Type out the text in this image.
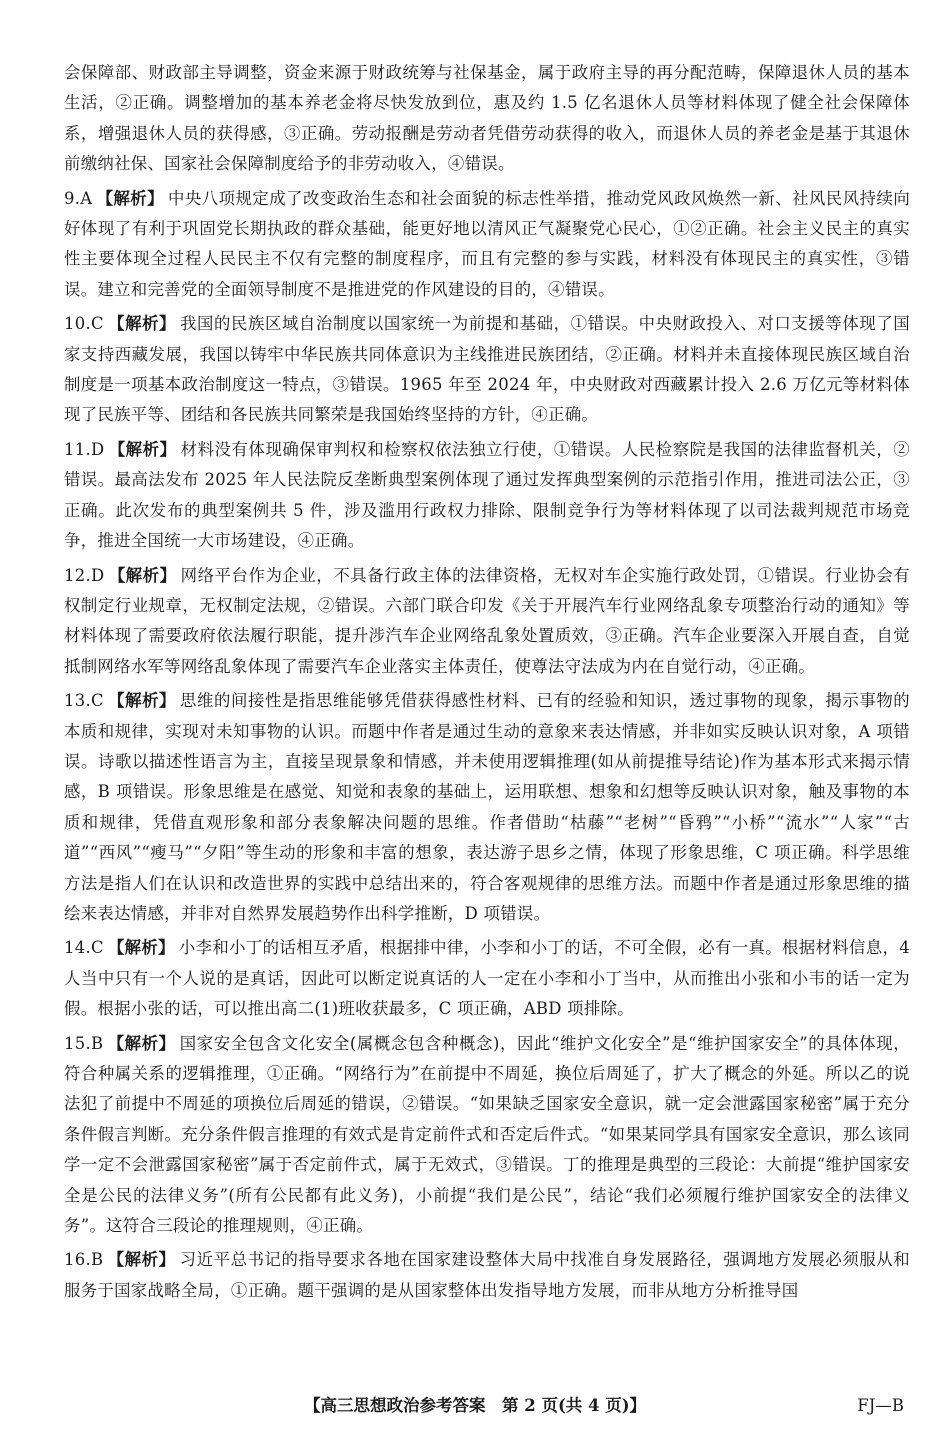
会保障部、财政部主导调整，资金来源于财政统筹与社保基金，属于政府主导的再分配范畴，保障退休人员的基本生活，②正确。调整增加的基本养老金将尽快发放到位，惠及约 1.5 亿名退休人员等材料体现了健全社会保障体系，增强退休人员的获得感，③正确。劳动报酬是劳动者凭借劳动获得的收入，而退休人员的养老金是基于其退休前缴纳社保、国家社会保障制度给予的非劳动收入，④错误。

9.A 【解析】 中央八项规定成了改变政治生态和社会面貌的标志性举措，推动党风政风焕然一新、社风民风持续向好体现了有利于巩固党长期执政的群众基础，能更好地以清风正气凝聚党心民心，①②正确。社会主义民主的真实性主要体现全过程人民民主不仅有完整的制度程序，而且有完整的参与实践，材料没有体现民主的真实性，③错误。建立和完善党的全面领导制度不是推进党的作风建设的目的，④错误。

10.C 【解析】 我国的民族区域自治制度以国家统一为前提和基础，①错误。中央财政投入、对口支援等体现了国家支持西藏发展，我国以铸牢中华民族共同体意识为主线推进民族团结，②正确。材料并未直接体现民族区域自治制度是一项基本政治制度这一特点，③错误。1965 年至 2024 年，中央财政对西藏累计投入 2.6 万亿元等材料体现了民族平等、团结和各民族共同繁荣是我国始终坚持的方针，④正确。

11.D 【解析】 材料没有体现确保审判权和检察权依法独立行使，①错误。人民检察院是我国的法律监督机关，②错误。最高法发布 2025 年人民法院反垄断典型案例体现了通过发挥典型案例的示范指引作用，推进司法公正，③正确。此次发布的典型案例共 5 件，涉及滥用行政权力排除、限制竞争行为等材料体现了以司法裁判规范市场竞争，推进全国统一大市场建设，④正确。

12.D 【解析】 网络平台作为企业，不具备行政主体的法律资格，无权对车企实施行政处罚，①错误。行业协会有权制定行业规章，无权制定法规，②错误。六部门联合印发《关于开展汽车行业网络乱象专项整治行动的通知》等材料体现了需要政府依法履行职能，提升涉汽车企业网络乱象处置质效，③正确。汽车企业要深入开展自查，自觉抵制网络水军等网络乱象体现了需要汽车企业落实主体责任，使尊法守法成为内在自觉行动，④正确。

13.C 【解析】 思维的间接性是指思维能够凭借获得感性材料、已有的经验和知识，透过事物的现象，揭示事物的本质和规律，实现对未知事物的认识。而题中作者是通过生动的意象来表达情感，并非如实反映认识对象，A 项错误。诗歌以描述性语言为主，直接呈现景象和情感，并未使用逻辑推理(如从前提推导结论)作为基本形式来揭示情感，B 项错误。形象思维是在感觉、知觉和表象的基础上，运用联想、想象和幻想等反映认识对象，触及事物的本质和规律，凭借直观形象和部分表象解决问题的思维。作者借助“枯藤”“老树”“昏鸦”“小桥”“流水”“人家”“古道”“西风”“瘦马”“夕阳”等生动的形象和丰富的想象，表达游子思乡之情，体现了形象思维，C 项正确。科学思维方法是指人们在认识和改造世界的实践中总结出来的，符合客观规律的思维方法。而题中作者是通过形象思维的描绘来表达情感，并非对自然界发展趋势作出科学推断，D 项错误。

14.C 【解析】 小李和小丁的话相互矛盾，根据排中律，小李和小丁的话，不可全假，必有一真。根据材料信息，4 人当中只有一个人说的是真话，因此可以断定说真话的人一定在小李和小丁当中，从而推出小张和小韦的话一定为假。根据小张的话，可以推出高二(1)班收获最多，C 项正确，ABD 项排除。

15.B 【解析】 国家安全包含文化安全(属概念包含种概念)，因此“维护文化安全”是“维护国家安全”的具体体现，符合种属关系的逻辑推理，①正确。“网络行为”在前提中不周延，换位后周延了，扩大了概念的外延。所以乙的说法犯了前提中不周延的项换位后周延的错误，②错误。“如果缺乏国家安全意识，就一定会泄露国家秘密”属于充分条件假言判断。充分条件假言推理的有效式是肯定前件式和否定后件式。“如果某同学具有国家安全意识，那么该同学一定不会泄露国家秘密”属于否定前件式，属于无效式，③错误。丁的推理是典型的三段论：大前提“维护国家安全是公民的法律义务”(所有公民都有此义务)，小前提“我们是公民”，结论“我们必须履行维护国家安全的法律义务”。这符合三段论的推理规则，④正确。

16.B 【解析】 习近平总书记的指导要求各地在国家建设整体大局中找准自身发展路径，强调地方发展必须服从和服务于国家战略全局，①正确。题干强调的是从国家整体出发指导地方发展，而非从地方分析推导国

【高三思想政治参考答案　第 2 页(共 4 页)】	FJ—B
